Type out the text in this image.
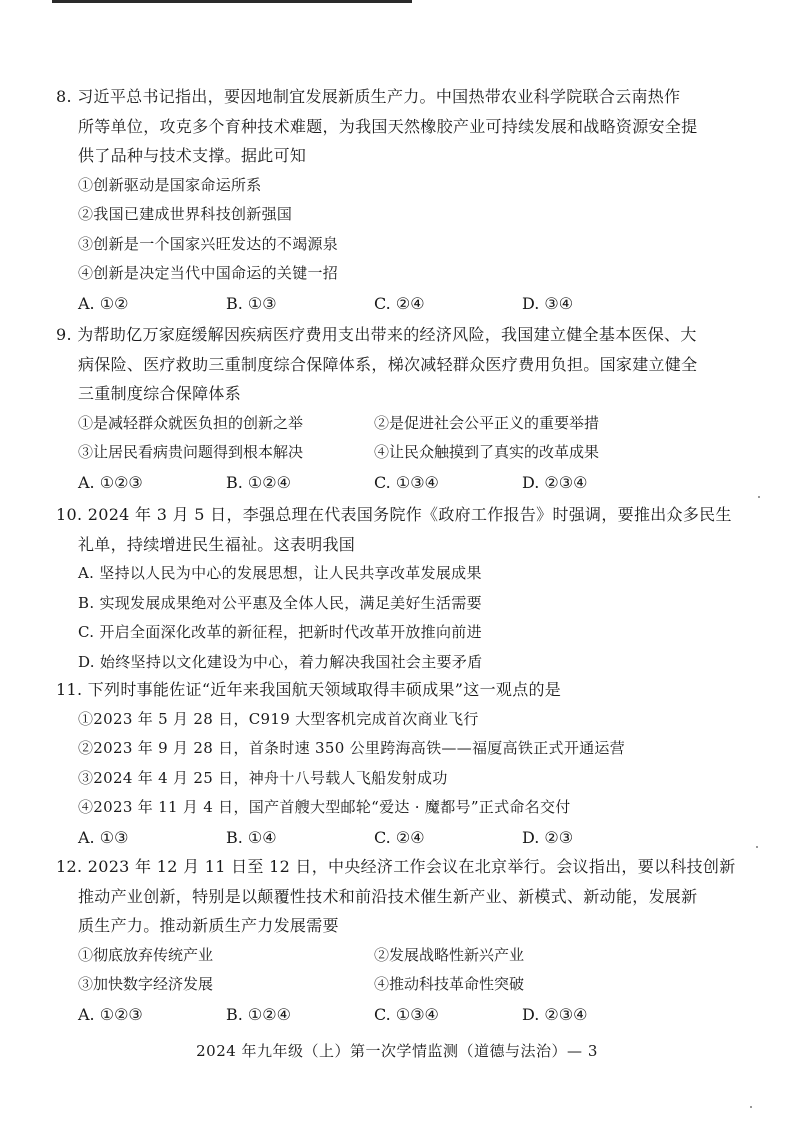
8. 习近平总书记指出，要因地制宜发展新质生产力。中国热带农业科学院联合云南热作
所等单位，攻克多个育种技术难题，为我国天然橡胶产业可持续发展和战略资源安全提
供了品种与技术支撑。据此可知
①创新驱动是国家命运所系
②我国已建成世界科技创新强国
③创新是一个国家兴旺发达的不竭源泉
④创新是决定当代中国命运的关键一招
A. ①②	B. ①③	C. ②④	D. ③④
9. 为帮助亿万家庭缓解因疾病医疗费用支出带来的经济风险，我国建立健全基本医保、大
病保险、医疗救助三重制度综合保障体系，梯次减轻群众医疗费用负担。国家建立健全
三重制度综合保障体系
①是减轻群众就医负担的创新之举	②是促进社会公平正义的重要举措
③让居民看病贵问题得到根本解决	④让民众触摸到了真实的改革成果
A. ①②③	B. ①②④	C. ①③④	D. ②③④
10. 2024 年 3 月 5 日，李强总理在代表国务院作《政府工作报告》时强调，要推出众多民生
礼单，持续增进民生福祉。这表明我国
A. 坚持以人民为中心的发展思想，让人民共享改革发展成果
B. 实现发展成果绝对公平惠及全体人民，满足美好生活需要
C. 开启全面深化改革的新征程，把新时代改革开放推向前进
D. 始终坚持以文化建设为中心，着力解决我国社会主要矛盾
11. 下列时事能佐证“近年来我国航天领域取得丰硕成果”这一观点的是
①2023 年 5 月 28 日，C919 大型客机完成首次商业飞行
②2023 年 9 月 28 日，首条时速 350 公里跨海高铁——福厦高铁正式开通运营
③2024 年 4 月 25 日，神舟十八号载人飞船发射成功
④2023 年 11 月 4 日，国产首艘大型邮轮“爱达 · 魔都号”正式命名交付
A. ①③	B. ①④	C. ②④	D. ②③
12. 2023 年 12 月 11 日至 12 日，中央经济工作会议在北京举行。会议指出，要以科技创新
推动产业创新，特别是以颠覆性技术和前沿技术催生新产业、新模式、新动能，发展新
质生产力。推动新质生产力发展需要
①彻底放弃传统产业	②发展战略性新兴产业
③加快数字经济发展	④推动科技革命性突破
A. ①②③	B. ①②④	C. ①③④	D. ②③④
2024 年九年级（上）第一次学情监测（道德与法治）— 3
